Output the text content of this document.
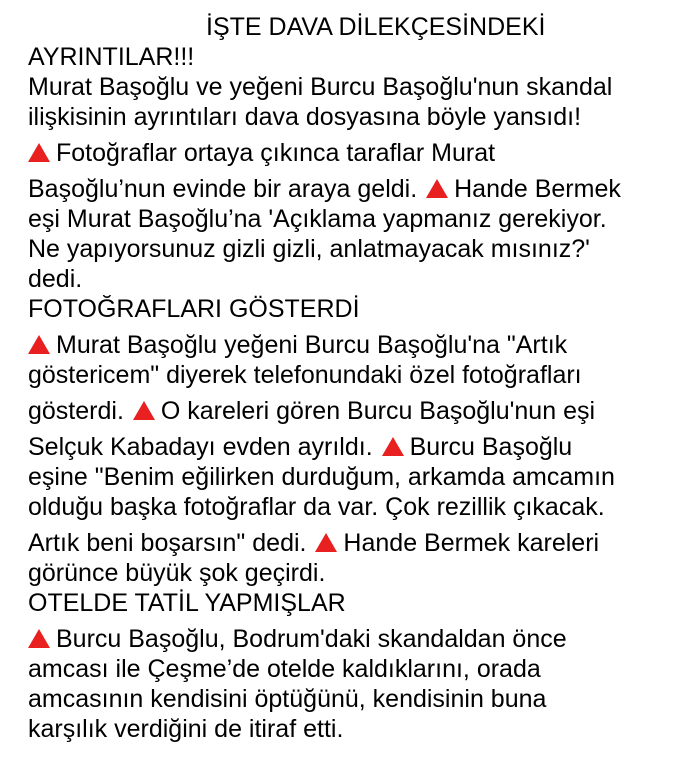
İŞTE DAVA DİLEKÇESİNDEKİ
AYRINTILAR!!!
Murat Başoğlu ve yeğeni Burcu Başoğlu'nun skandal
ilişkisinin ayrıntıları dava dosyasına böyle yansıdı!
Fotoğraflar ortaya çıkınca taraflar Murat
Başoğlu’nun evinde bir araya geldi. Hande Bermek
eşi Murat Başoğlu’na 'Açıklama yapmanız gerekiyor.
Ne yapıyorsunuz gizli gizli, anlatmayacak mısınız?'
dedi.
FOTOĞRAFLARI GÖSTERDİ
Murat Başoğlu yeğeni Burcu Başoğlu'na "Artık
göstericem" diyerek telefonundaki özel fotoğrafları
gösterdi. O kareleri gören Burcu Başoğlu'nun eşi
Selçuk Kabadayı evden ayrıldı. Burcu Başoğlu
eşine "Benim eğilirken durduğum, arkamda amcamın
olduğu başka fotoğraflar da var. Çok rezillik çıkacak.
Artık beni boşarsın" dedi. Hande Bermek kareleri
görünce büyük şok geçirdi.
OTELDE TATİL YAPMIŞLAR
Burcu Başoğlu, Bodrum'daki skandaldan önce
amcası ile Çeşme’de otelde kaldıklarını, orada
amcasının kendisini öptüğünü, kendisinin buna
karşılık verdiğini de itiraf etti.
